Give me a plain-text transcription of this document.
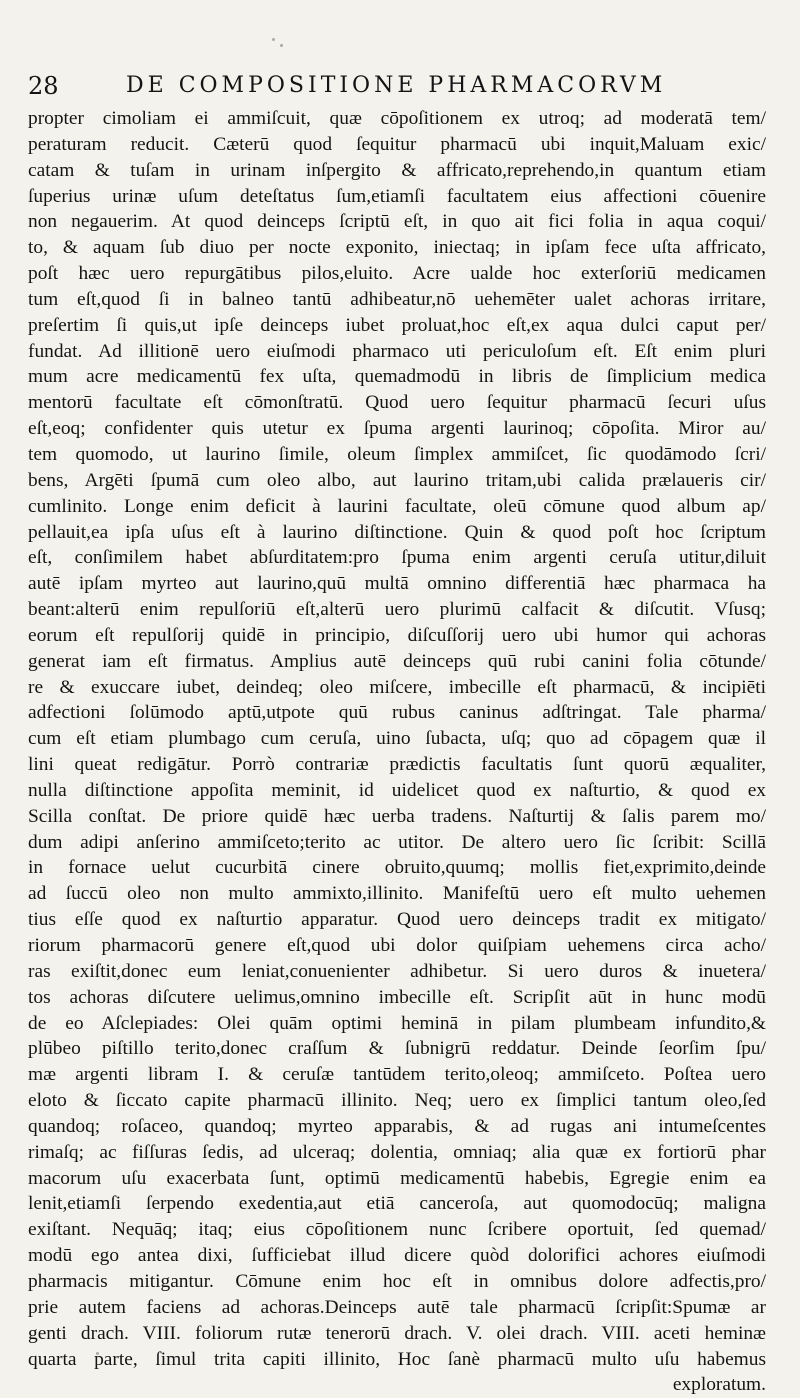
28	DE COMPOSITIONE PHARMACORVM
propter cimoliam ei ammiſcuit, quæ cōpoſitionem ex utroq; ad moderatā tem/
peraturam reducit. Cæterū quod ſequitur pharmacū ubi inquit,Maluam exic/
catam & tuſam in urinam inſpergito & affricato,reprehendo,in quantum etiam
ſuperius urinæ uſum deteſtatus ſum,etiamſi facultatem eius affectioni cōuenire
non negauerim. At quod deinceps ſcriptū eſt, in quo ait fici folia in aqua coqui/
to, & aquam ſub diuo per nocte exponito, iniectaq; in ipſam fece uſta affricato,
poſt hæc uero repurgātibus pilos,eluito. Acre ualde hoc exterſoriū medicamen
tum eſt,quod ſi in balneo tantū adhibeatur,nō uehemēter ualet achoras irritare,
preſertim ſi quis,ut ipſe deinceps iubet proluat,hoc eſt,ex aqua dulci caput per/
fundat. Ad illitionē uero eiuſmodi pharmaco uti periculoſum eſt. Eſt enim pluri
mum acre medicamentū fex uſta, quemadmodū in libris de ſimplicium medica
mentorū facultate eſt cōmonſtratū. Quod uero ſequitur pharmacū ſecuri uſus
eſt,eoq; confidenter quis utetur ex ſpuma argenti laurinoq; cōpoſita. Miror au/
tem quomodo, ut laurino ſimile, oleum ſimplex ammiſcet, ſic quodāmodo ſcri/
bens, Argēti ſpumā cum oleo albo, aut laurino tritam,ubi calida prælaueris cir/
cumlinito. Longe enim deficit à laurini facultate, oleū cōmune quod album ap/
pellauit,ea ipſa uſus eſt à laurino diſtinctione. Quin & quod poſt hoc ſcriptum
eſt, conſimilem habet abſurditatem:pro ſpuma enim argenti ceruſa utitur,diluit
autē ipſam myrteo aut laurino,quū multā omnino differentiā hæc pharmaca ha
beant:alterū enim repulſoriū eſt,alterū uero plurimū calfacit & diſcutit. Vſusq;
eorum eſt repulſorij quidē in principio, diſcuſſorij uero ubi humor qui achoras
generat iam eſt firmatus. Amplius autē deinceps quū rubi canini folia cōtunde/
re & exuccare iubet, deindeq; oleo miſcere, imbecille eſt pharmacū, & incipiēti
adfectioni ſolūmodo aptū,utpote quū rubus caninus adſtringat. Tale pharma/
cum eſt etiam plumbago cum ceruſa, uino ſubacta, uſq; quo ad cōpagem quæ il
lini queat redigātur. Porrò contrariæ prædictis facultatis ſunt quorū æqualiter,
nulla diſtinctione appoſita meminit, id uidelicet quod ex naſturtio, & quod ex
Scilla conſtat. De priore quidē hæc uerba tradens. Naſturtij & ſalis parem mo/
dum adipi anſerino ammiſceto;terito ac utitor. De altero uero ſic ſcribit: Scillā
in fornace uelut cucurbitā cinere obruito,quumq; mollis fiet,exprimito,deinde
ad ſuccū oleo non multo ammixto,illinito. Manifeſtū uero eſt multo uehemen
tius eſſe quod ex naſturtio apparatur. Quod uero deinceps tradit ex mitigato/
riorum pharmacorū genere eſt,quod ubi dolor quiſpiam uehemens circa acho/
ras exiſtit,donec eum leniat,conuenienter adhibetur. Si uero duros & inuetera/
tos achoras diſcutere uelimus,omnino imbecille eſt. Scripſit aūt in hunc modū
de eo Aſclepiades: Olei quām optimi heminā in pilam plumbeam infundito,&
plūbeo piſtillo terito,donec craſſum & ſubnigrū reddatur. Deinde ſeorſim ſpu/
mæ argenti libram I. & ceruſæ tantūdem terito,oleoq; ammiſceto. Poſtea uero
eloto & ſiccato capite pharmacū illinito. Neq; uero ex ſimplici tantum oleo,ſed
quandoq; roſaceo, quandoq; myrteo apparabis, & ad rugas ani intumeſcentes
rimaſq; ac fiſſuras ſedis, ad ulceraq; dolentia, omniaq; alia quæ ex fortiorū phar
macorum uſu exacerbata ſunt, optimū medicamentū habebis, Egregie enim ea
lenit,etiamſi ſerpendo exedentia,aut etiā canceroſa, aut quomodocūq; maligna
exiſtant. Nequāq; itaq; eius cōpoſitionem nunc ſcribere oportuit, ſed quemad/
modū ego antea dixi, ſufficiebat illud dicere quòd dolorifici achores eiuſmodi
pharmacis mitigantur. Cōmune enim hoc eſt in omnibus dolore adfectis,pro/
prie autem faciens ad achoras.Deinceps autē tale pharmacū ſcripſit:Spumæ ar
genti drach. VIII. foliorum rutæ tenerorū drach. V. olei drach. VIII. aceti heminæ
quarta parte, ſimul trita capiti illinito, Hoc ſanè pharmacū multo uſu habemus
exploratum.
